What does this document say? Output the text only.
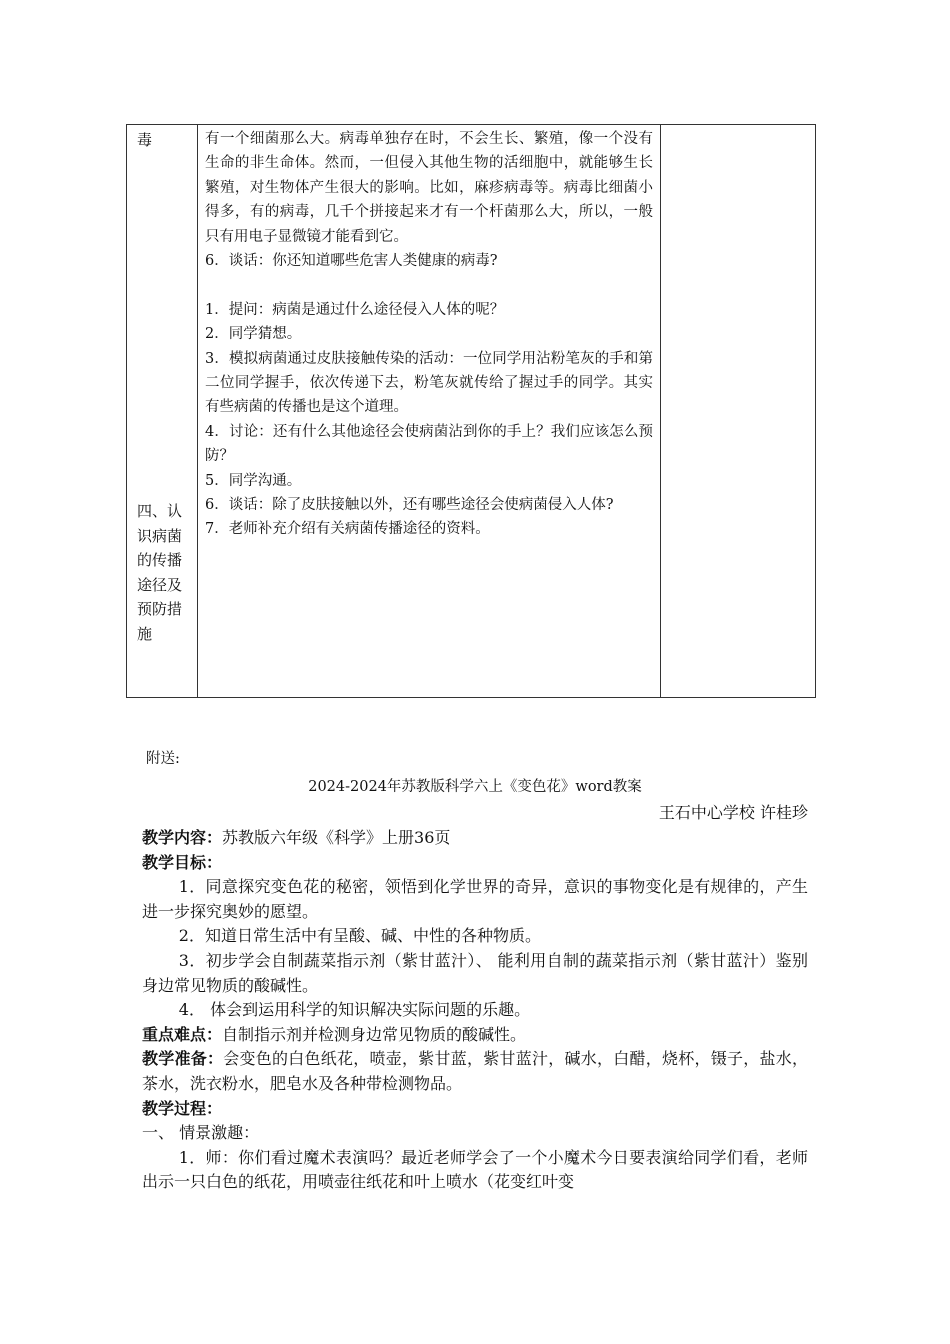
毒
四、认识病菌的传播途径及预防措施

有一个细菌那么大。病毒单独存在时，不会生长、繁殖，像一个没有生命的非生命体。然而，一但侵入其他生物的活细胞中，就能够生长繁殖，对生物体产生很大的影响。比如，麻疹病毒等。病毒比细菌小得多，有的病毒，几千个拼接起来才有一个杆菌那么大，所以，一般只有用电子显微镜才能看到它。

6．谈话：你还知道哪些危害人类健康的病毒?

1．提问：病菌是通过什么途径侵入人体的呢？

2．同学猜想。

3．模拟病菌通过皮肤接触传染的活动：一位同学用沾粉笔灰的手和第二位同学握手，依次传递下去，粉笔灰就传给了握过手的同学。其实有些病菌的传播也是这个道理。

4．讨论：还有什么其他途径会使病菌沾到你的手上？我们应该怎么预防？

5．同学沟通。

6．谈话：除了皮肤接触以外，还有哪些途径会使病菌侵入人体?

7．老师补充介绍有关病菌传播途径的资料。

附送:
2024-2024年苏教版科学六上《变色花》word教案
王石中心学校 许桂珍

教学内容：苏教版六年级《科学》上册36页

教学目标：

1．同意探究变色花的秘密，领悟到化学世界的奇异，意识的事物变化是有规律的，产生进一步探究奥妙的愿望。

2．知道日常生活中有呈酸、碱、中性的各种物质。

3．初步学会自制蔬菜指示剂（紫甘蓝汁）、 能利用自制的蔬菜指示剂（紫甘蓝汁）鉴别身边常见物质的酸碱性。

4． 体会到运用科学的知识解决实际问题的乐趣。

重点难点：自制指示剂并检测身边常见物质的酸碱性。

教学准备：会变色的白色纸花，喷壶，紫甘蓝，紫甘蓝汁，碱水，白醋，烧杯，镊子，盐水，茶水，洗衣粉水，肥皂水及各种带检测物品。

教学过程：

一、 情景激趣：

1．师：你们看过魔术表演吗？最近老师学会了一个小魔术今日要表演给同学们看，老师出示一只白色的纸花，用喷壶往纸花和叶上喷水（花变红叶变
